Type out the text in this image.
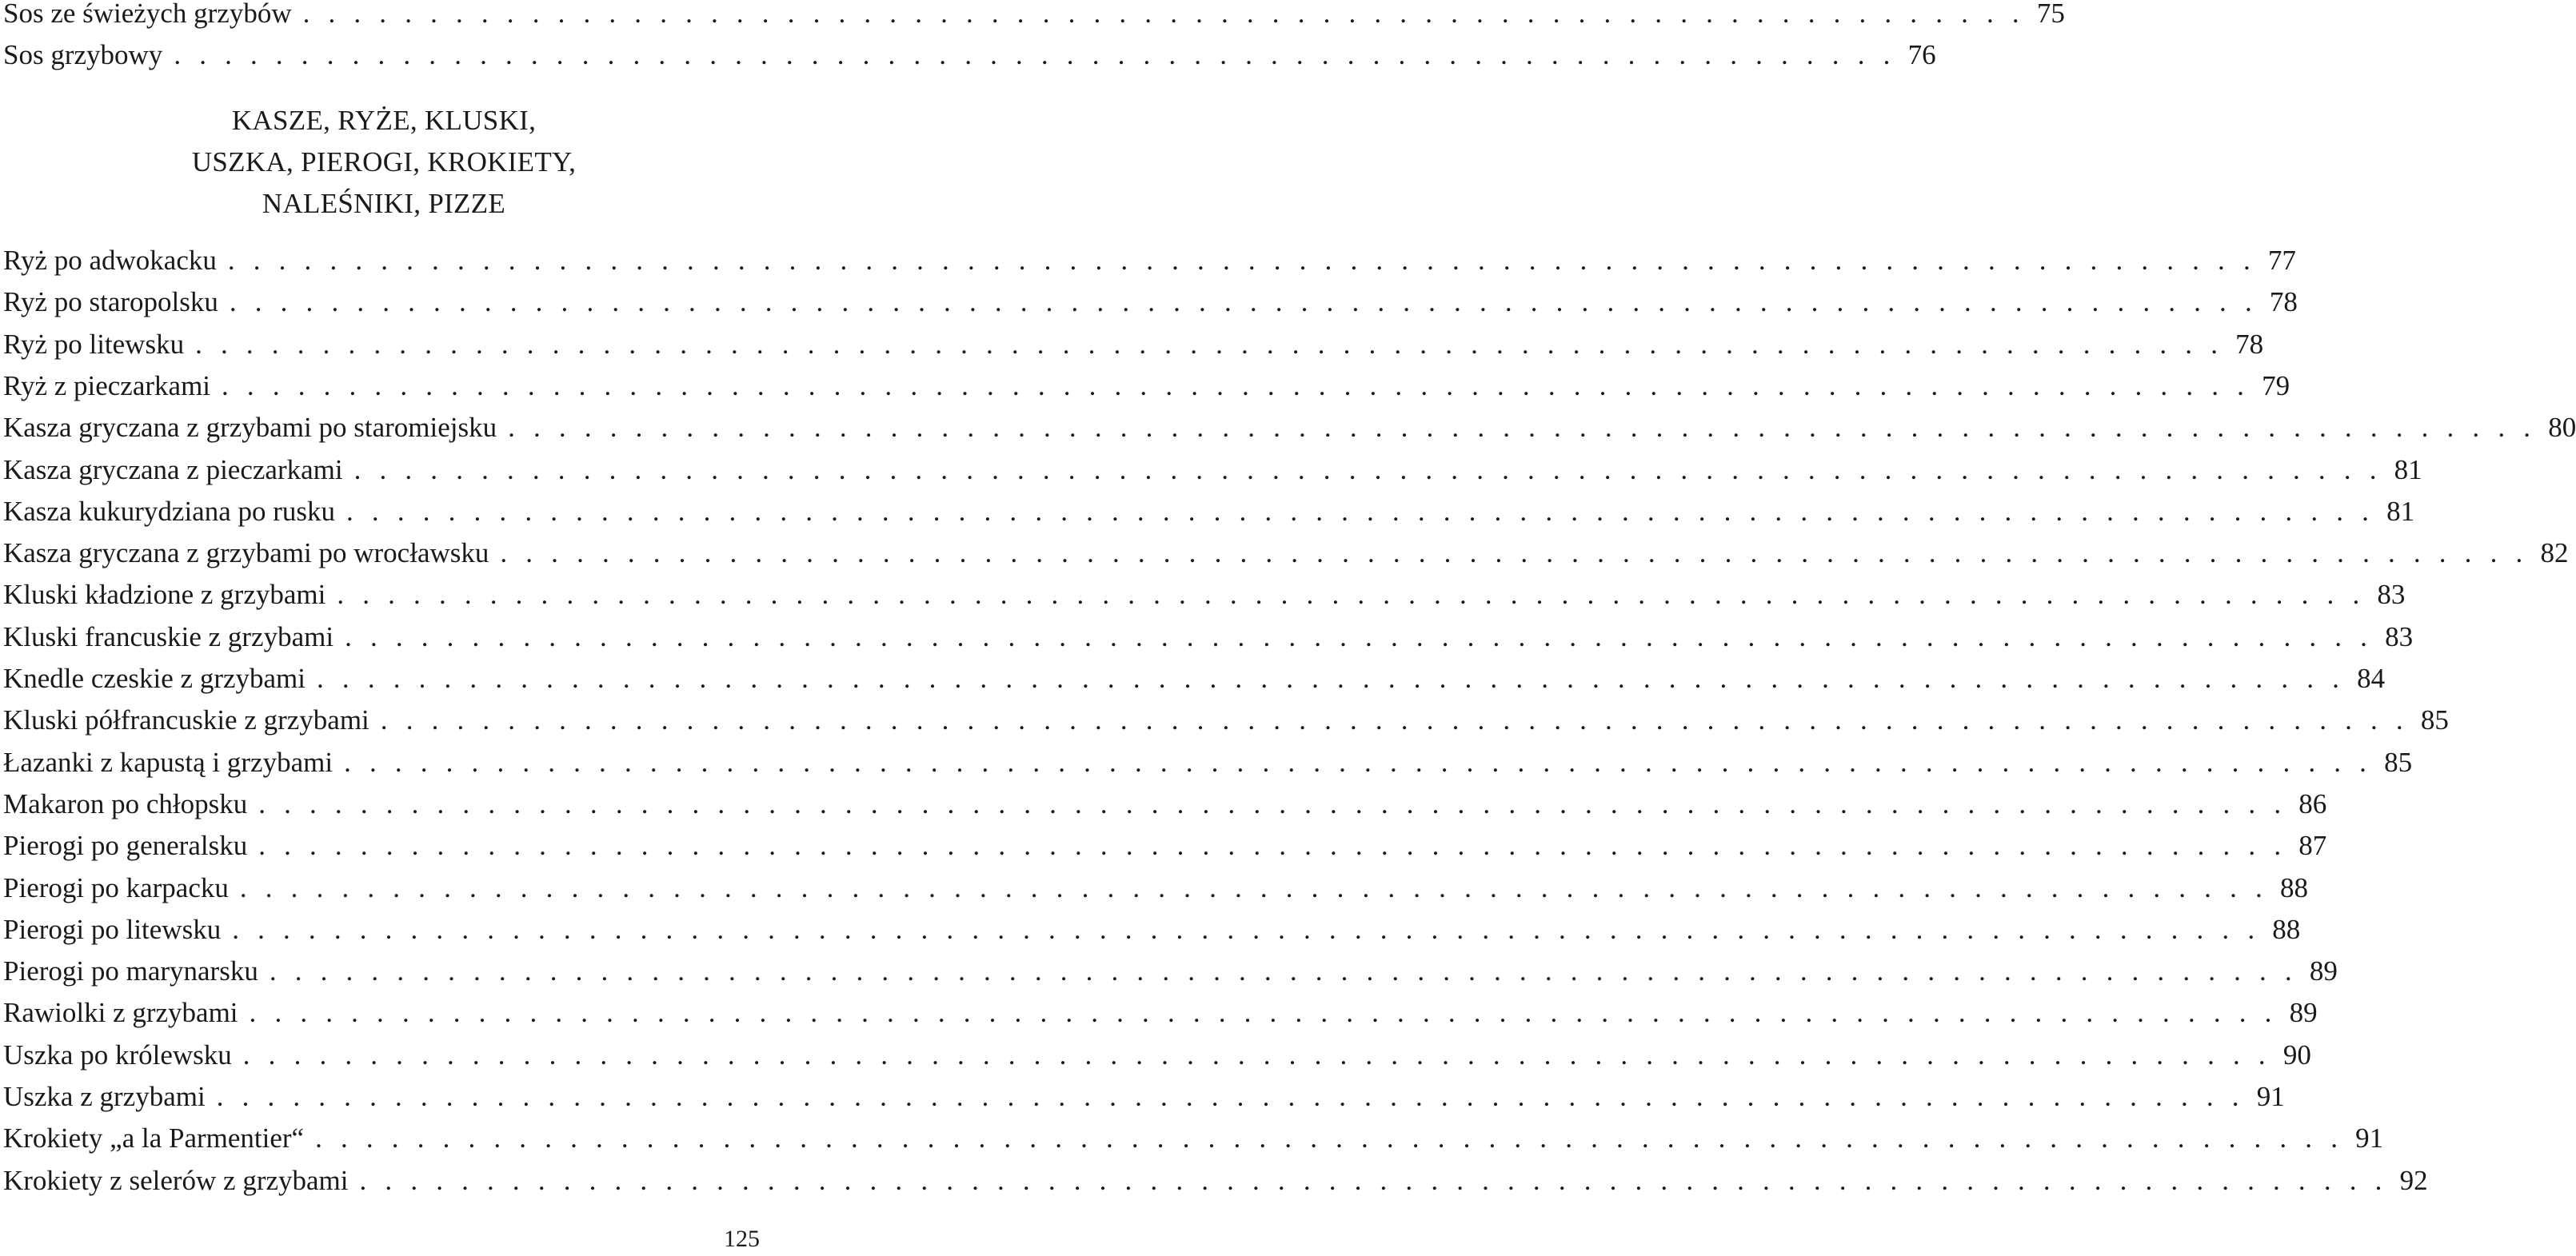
Sos ze świeżych grzybów . . . . . . . . . . . . . . . . . . . . . . . . . . . . . . . . . . . . . . . . . . . . . . . . . . . . . . . . . . . . . . . . . . . . 75
Sos grzybowy . . . . . . . . . . . . . . . . . . . . . . . . . . . . . . . . . . . . . . . . . . . . . . . . . . . . . . . . . . . . . . . . . . . . 76
KASZE, RYŻE, KLUSKI,
USZKA, PIEROGI, KROKIETY,
NALEŚNIKI, PIZZE
Ryż po adwokacku . . . . . . . . . . . . . . . . . . . . . . . . . . . . . . . . . . . . . . . . . . . . . . . . . . . . . . . . . . . . . . . . . . . . . . . . . . . . . . . . 77
Ryż po staropolsku . . . . . . . . . . . . . . . . . . . . . . . . . . . . . . . . . . . . . . . . . . . . . . . . . . . . . . . . . . . . . . . . . . . . . . . . . . . . . . . . 78
Ryż po litewsku . . . . . . . . . . . . . . . . . . . . . . . . . . . . . . . . . . . . . . . . . . . . . . . . . . . . . . . . . . . . . . . . . . . . . . . . . . . . . . . . 78
Ryż z pieczarkami . . . . . . . . . . . . . . . . . . . . . . . . . . . . . . . . . . . . . . . . . . . . . . . . . . . . . . . . . . . . . . . . . . . . . . . . . . . . . . . . 79
Kasza gryczana z grzybami po staromiejsku . . . . . . . . . . . . . . . . . . . . . . . . . . . . . . . . . . . . . . . . . . . . . . . . . . . . . . . . . . . . . . . . . . . . . . . . . . . . . . . . 80
Kasza gryczana z pieczarkami . . . . . . . . . . . . . . . . . . . . . . . . . . . . . . . . . . . . . . . . . . . . . . . . . . . . . . . . . . . . . . . . . . . . . . . . . . . . . . . . 81
Kasza kukurydziana po rusku . . . . . . . . . . . . . . . . . . . . . . . . . . . . . . . . . . . . . . . . . . . . . . . . . . . . . . . . . . . . . . . . . . . . . . . . . . . . . . . . 81
Kasza gryczana z grzybami po wrocławsku . . . . . . . . . . . . . . . . . . . . . . . . . . . . . . . . . . . . . . . . . . . . . . . . . . . . . . . . . . . . . . . . . . . . . . . . . . . . . . . . 82
Kluski kładzione z grzybami . . . . . . . . . . . . . . . . . . . . . . . . . . . . . . . . . . . . . . . . . . . . . . . . . . . . . . . . . . . . . . . . . . . . . . . . . . . . . . . . 83
Kluski francuskie z grzybami . . . . . . . . . . . . . . . . . . . . . . . . . . . . . . . . . . . . . . . . . . . . . . . . . . . . . . . . . . . . . . . . . . . . . . . . . . . . . . . . 83
Knedle czeskie z grzybami . . . . . . . . . . . . . . . . . . . . . . . . . . . . . . . . . . . . . . . . . . . . . . . . . . . . . . . . . . . . . . . . . . . . . . . . . . . . . . . . 84
Kluski półfrancuskie z grzybami . . . . . . . . . . . . . . . . . . . . . . . . . . . . . . . . . . . . . . . . . . . . . . . . . . . . . . . . . . . . . . . . . . . . . . . . . . . . . . . . 85
Łazanki z kapustą i grzybami . . . . . . . . . . . . . . . . . . . . . . . . . . . . . . . . . . . . . . . . . . . . . . . . . . . . . . . . . . . . . . . . . . . . . . . . . . . . . . . . 85
Makaron po chłopsku . . . . . . . . . . . . . . . . . . . . . . . . . . . . . . . . . . . . . . . . . . . . . . . . . . . . . . . . . . . . . . . . . . . . . . . . . . . . . . . . 86
Pierogi po generalsku . . . . . . . . . . . . . . . . . . . . . . . . . . . . . . . . . . . . . . . . . . . . . . . . . . . . . . . . . . . . . . . . . . . . . . . . . . . . . . . . 87
Pierogi po karpacku . . . . . . . . . . . . . . . . . . . . . . . . . . . . . . . . . . . . . . . . . . . . . . . . . . . . . . . . . . . . . . . . . . . . . . . . . . . . . . . . 88
Pierogi po litewsku . . . . . . . . . . . . . . . . . . . . . . . . . . . . . . . . . . . . . . . . . . . . . . . . . . . . . . . . . . . . . . . . . . . . . . . . . . . . . . . . 88
Pierogi po marynarsku . . . . . . . . . . . . . . . . . . . . . . . . . . . . . . . . . . . . . . . . . . . . . . . . . . . . . . . . . . . . . . . . . . . . . . . . . . . . . . . . 89
Rawiolki z grzybami . . . . . . . . . . . . . . . . . . . . . . . . . . . . . . . . . . . . . . . . . . . . . . . . . . . . . . . . . . . . . . . . . . . . . . . . . . . . . . . . 89
Uszka po królewsku . . . . . . . . . . . . . . . . . . . . . . . . . . . . . . . . . . . . . . . . . . . . . . . . . . . . . . . . . . . . . . . . . . . . . . . . . . . . . . . . 90
Uszka z grzybami . . . . . . . . . . . . . . . . . . . . . . . . . . . . . . . . . . . . . . . . . . . . . . . . . . . . . . . . . . . . . . . . . . . . . . . . . . . . . . . . 91
Krokiety „a la Parmentier“ . . . . . . . . . . . . . . . . . . . . . . . . . . . . . . . . . . . . . . . . . . . . . . . . . . . . . . . . . . . . . . . . . . . . . . . . . . . . . . . . 91
Krokiety z selerów z grzybami . . . . . . . . . . . . . . . . . . . . . . . . . . . . . . . . . . . . . . . . . . . . . . . . . . . . . . . . . . . . . . . . . . . . . . . . . . . . . . . . 92
125
